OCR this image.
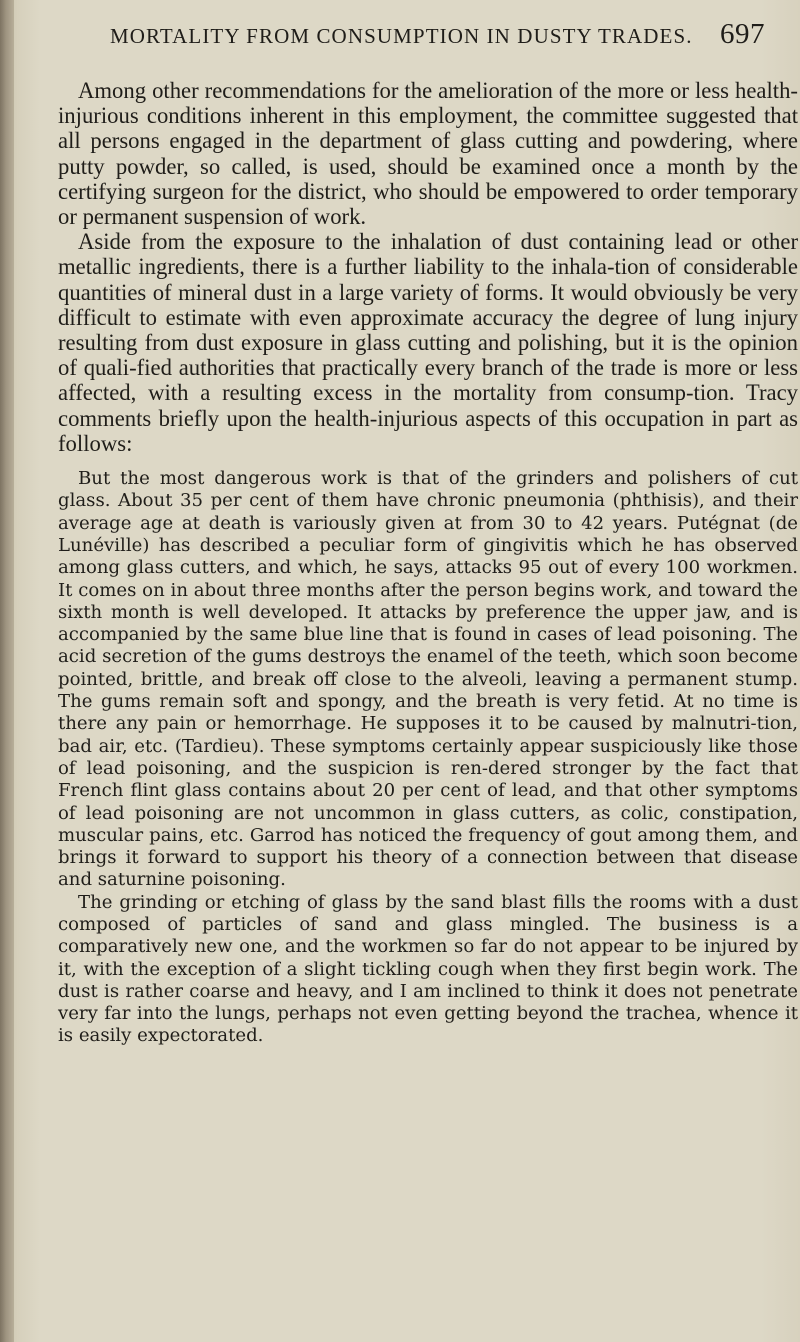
MORTALITY FROM CONSUMPTION IN DUSTY TRADES. 697

Among other recommendations for the amelioration of the more or less health-injurious conditions inherent in this employment, the committee suggested that all persons engaged in the department of glass cutting and powdering, where putty powder, so called, is used, should be examined once a month by the certifying surgeon for the district, who should be empowered to order temporary or permanent suspension of work.

Aside from the exposure to the inhalation of dust containing lead or other metallic ingredients, there is a further liability to the inhala-tion of considerable quantities of mineral dust in a large variety of forms. It would obviously be very difficult to estimate with even approximate accuracy the degree of lung injury resulting from dust exposure in glass cutting and polishing, but it is the opinion of quali-fied authorities that practically every branch of the trade is more or less affected, with a resulting excess in the mortality from consump-tion. Tracy comments briefly upon the health-injurious aspects of this occupation in part as follows:

But the most dangerous work is that of the grinders and polishers of cut glass. About 35 per cent of them have chronic pneumonia (phthisis), and their average age at death is variously given at from 30 to 42 years. Putégnat (de Lunéville) has described a peculiar form of gingivitis which he has observed among glass cutters, and which, he says, attacks 95 out of every 100 workmen. It comes on in about three months after the person begins work, and toward the sixth month is well developed. It attacks by preference the upper jaw, and is accompanied by the same blue line that is found in cases of lead poisoning. The acid secretion of the gums destroys the enamel of the teeth, which soon become pointed, brittle, and break off close to the alveoli, leaving a permanent stump. The gums remain soft and spongy, and the breath is very fetid. At no time is there any pain or hemorrhage. He supposes it to be caused by malnutri-tion, bad air, etc. (Tardieu). These symptoms certainly appear suspiciously like those of lead poisoning, and the suspicion is ren-dered stronger by the fact that French flint glass contains about 20 per cent of lead, and that other symptoms of lead poisoning are not uncommon in glass cutters, as colic, constipation, muscular pains, etc. Garrod has noticed the frequency of gout among them, and brings it forward to support his theory of a connection between that disease and saturnine poisoning.

The grinding or etching of glass by the sand blast fills the rooms with a dust composed of particles of sand and glass mingled. The business is a comparatively new one, and the workmen so far do not appear to be injured by it, with the exception of a slight tickling cough when they first begin work. The dust is rather coarse and heavy, and I am inclined to think it does not penetrate very far into the lungs, perhaps not even getting beyond the trachea, whence it is easily expectorated.
